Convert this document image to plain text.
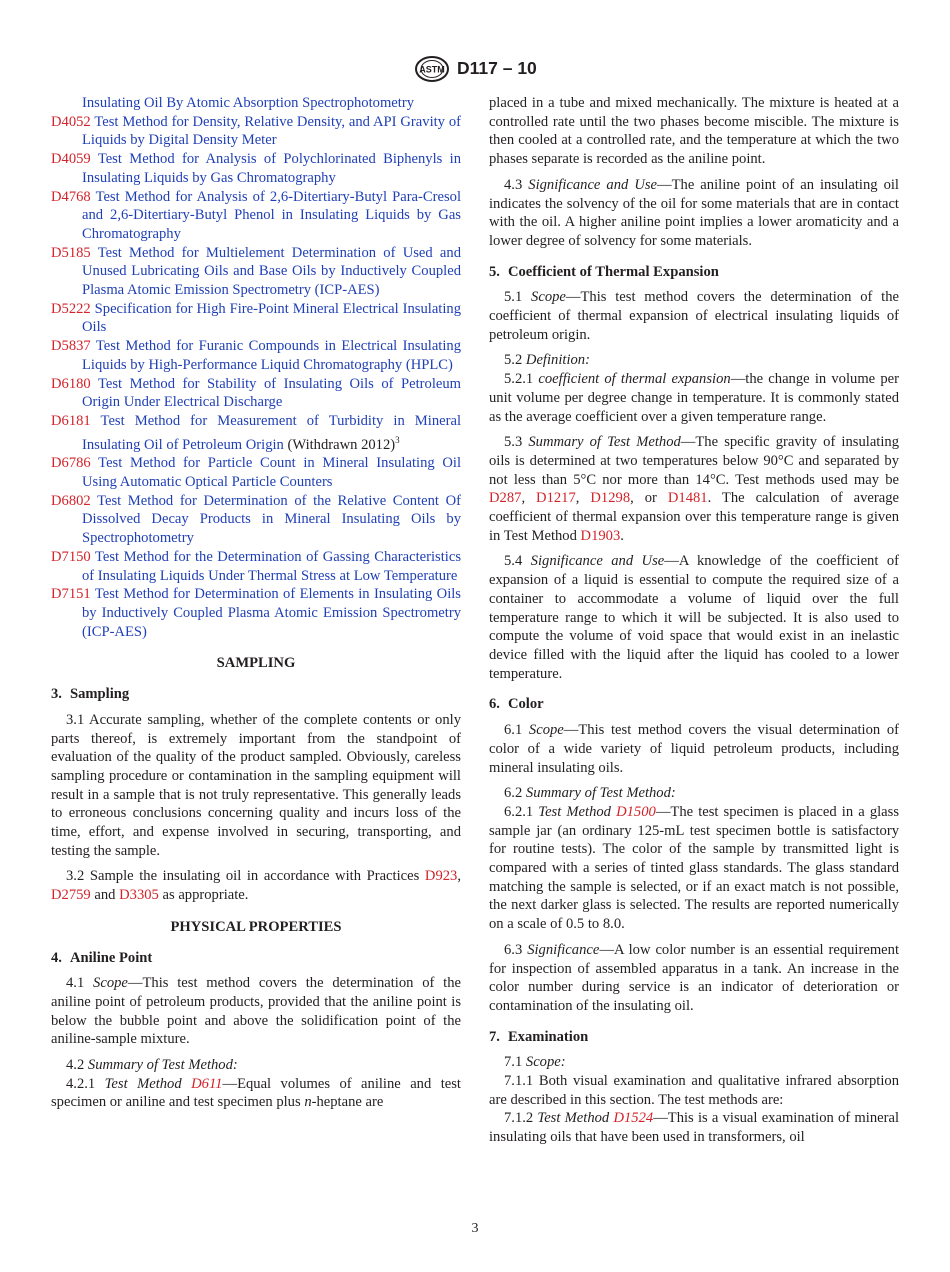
ASTM D117 – 10

Insulating Oil By Atomic Absorption Spectrophotometry

D4052 Test Method for Density, Relative Density, and API Gravity of Liquids by Digital Density Meter

D4059 Test Method for Analysis of Polychlorinated Biphenyls in Insulating Liquids by Gas Chromatography

D4768 Test Method for Analysis of 2,6-Ditertiary-Butyl Para-Cresol and 2,6-Ditertiary-Butyl Phenol in Insulating Liquids by Gas Chromatography

D5185 Test Method for Multielement Determination of Used and Unused Lubricating Oils and Base Oils by Inductively Coupled Plasma Atomic Emission Spectrometry (ICP-AES)

D5222 Specification for High Fire-Point Mineral Electrical Insulating Oils

D5837 Test Method for Furanic Compounds in Electrical Insulating Liquids by High-Performance Liquid Chromatography (HPLC)

D6180 Test Method for Stability of Insulating Oils of Petroleum Origin Under Electrical Discharge

D6181 Test Method for Measurement of Turbidity in Mineral Insulating Oil of Petroleum Origin (Withdrawn 2012)$^3$

D6786 Test Method for Particle Count in Mineral Insulating Oil Using Automatic Optical Particle Counters

D6802 Test Method for Determination of the Relative Content Of Dissolved Decay Products in Mineral Insulating Oils by Spectrophotometry

D7150 Test Method for the Determination of Gassing Characteristics of Insulating Liquids Under Thermal Stress at Low Temperature

D7151 Test Method for Determination of Elements in Insulating Oils by Inductively Coupled Plasma Atomic Emission Spectrometry (ICP-AES)

SAMPLING
3. Sampling

3.1 Accurate sampling, whether of the complete contents or only parts thereof, is extremely important from the standpoint of evaluation of the quality of the product sampled. Obviously, careless sampling procedure or contamination in the sampling equipment will result in a sample that is not truly representative. This generally leads to erroneous conclusions concerning quality and incurs loss of the time, effort, and expense involved in securing, transporting, and testing the sample.

3.2 Sample the insulating oil in accordance with Practices D923, D2759 and D3305 as appropriate.

PHYSICAL PROPERTIES
4. Aniline Point

4.1 Scope—This test method covers the determination of the aniline point of petroleum products, provided that the aniline point is below the bubble point and above the solidification point of the aniline-sample mixture.

4.2 Summary of Test Method:

4.2.1 Test Method D611—Equal volumes of aniline and test specimen or aniline and test specimen plus n-heptane are

placed in a tube and mixed mechanically. The mixture is heated at a controlled rate until the two phases become miscible. The mixture is then cooled at a controlled rate, and the temperature at which the two phases separate is recorded as the aniline point.

4.3 Significance and Use—The aniline point of an insulating oil indicates the solvency of the oil for some materials that are in contact with the oil. A higher aniline point implies a lower aromaticity and a lower degree of solvency for some materials.

5. Coefficient of Thermal Expansion

5.1 Scope—This test method covers the determination of the coefficient of thermal expansion of electrical insulating liquids of petroleum origin.

5.2 Definition:

5.2.1 coefficient of thermal expansion—the change in volume per unit volume per degree change in temperature. It is commonly stated as the average coefficient over a given temperature range.

5.3 Summary of Test Method—The specific gravity of insulating oils is determined at two temperatures below 90°C and separated by not less than 5°C nor more than 14°C. Test methods used may be D287, D1217, D1298, or D1481. The calculation of average coefficient of thermal expansion over this temperature range is given in Test Method D1903.

5.4 Significance and Use—A knowledge of the coefficient of expansion of a liquid is essential to compute the required size of a container to accommodate a volume of liquid over the full temperature range to which it will be subjected. It is also used to compute the volume of void space that would exist in an inelastic device filled with the liquid after the liquid has cooled to a lower temperature.

6. Color

6.1 Scope—This test method covers the visual determination of color of a wide variety of liquid petroleum products, including mineral insulating oils.

6.2 Summary of Test Method:

6.2.1 Test Method D1500—The test specimen is placed in a glass sample jar (an ordinary 125-mL test specimen bottle is satisfactory for routine tests). The color of the sample by transmitted light is compared with a series of tinted glass standards. The glass standard matching the sample is selected, or if an exact match is not possible, the next darker glass is selected. The results are reported numerically on a scale of 0.5 to 8.0.

6.3 Significance—A low color number is an essential requirement for inspection of assembled apparatus in a tank. An increase in the color number during service is an indicator of deterioration or contamination of the insulating oil.

7. Examination

7.1 Scope:

7.1.1 Both visual examination and qualitative infrared absorption are described in this section. The test methods are:

7.1.2 Test Method D1524—This is a visual examination of mineral insulating oils that have been used in transformers, oil

3
